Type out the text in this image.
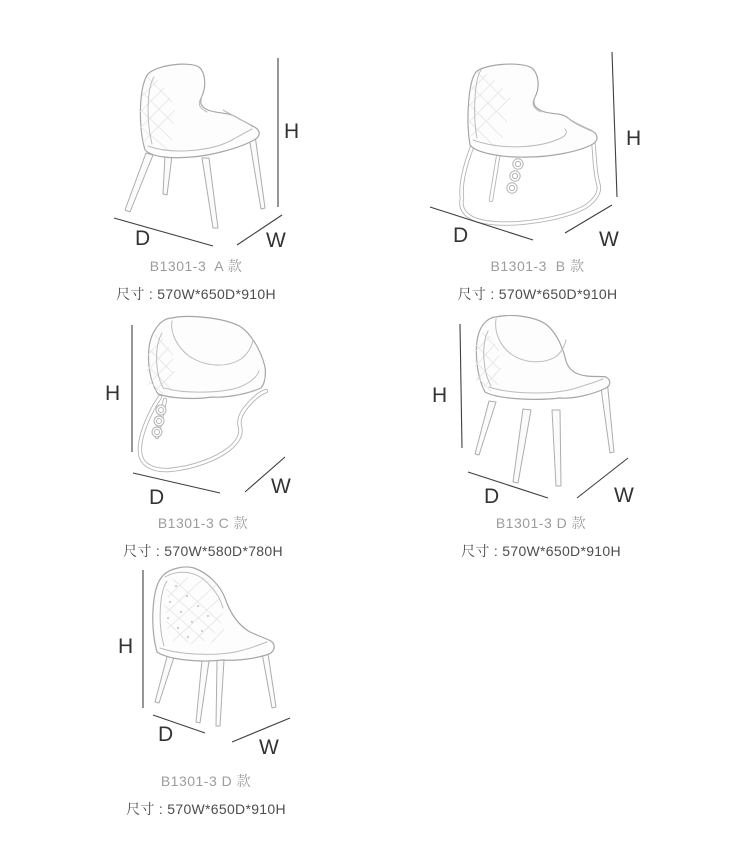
H
D	W
B1301-3  A 款
尺寸 : 570W*650D*910H
H
D	W
B1301-3  B 款
尺寸 : 570W*650D*910H
H
D	W
B1301-3 C 款
尺寸 : 570W*580D*780H
H
D	W
B1301-3 D 款
尺寸 : 570W*650D*910H
H
D
W
B1301-3 D 款
尺寸 : 570W*650D*910H
